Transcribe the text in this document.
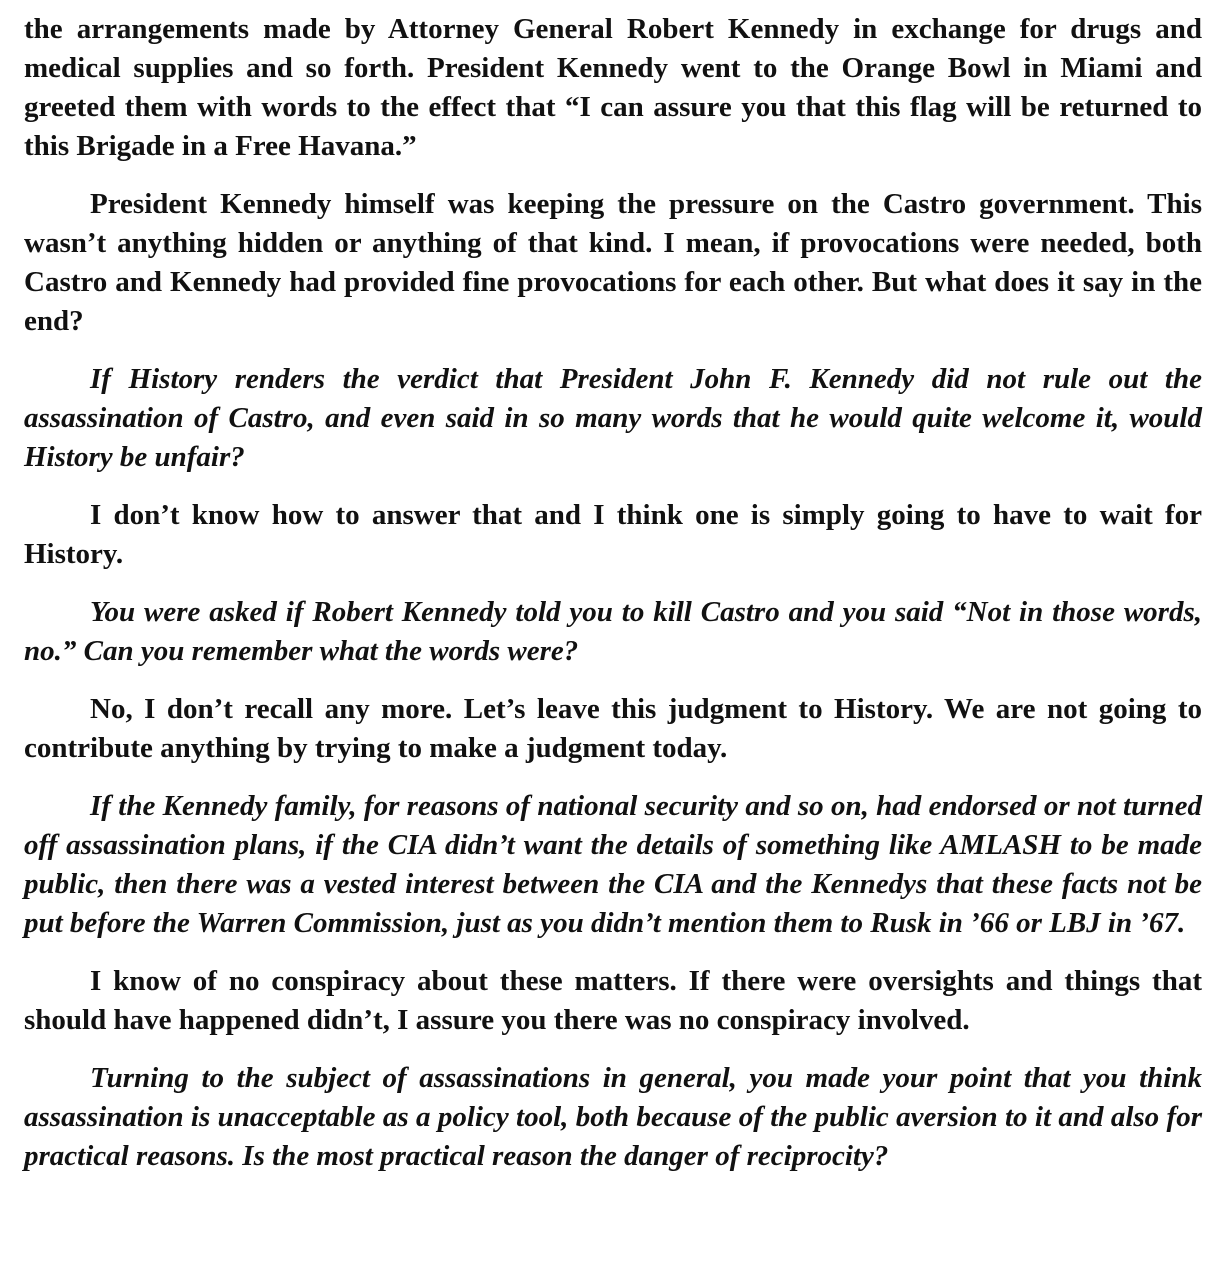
the arrangements made by Attorney General Robert Kennedy in exchange for drugs and medical supplies and so forth. President Kennedy went to the Orange Bowl in Miami and greeted them with words to the effect that “I can assure you that this flag will be returned to this Brigade in a Free Havana.”

President Kennedy himself was keeping the pressure on the Castro government. This wasn’t anything hidden or anything of that kind. I mean, if provocations were needed, both Castro and Kennedy had provided fine provocations for each other. But what does it say in the end?

If History renders the verdict that President John F. Kennedy did not rule out the assassination of Castro, and even said in so many words that he would quite welcome it, would History be unfair?

I don’t know how to answer that and I think one is simply going to have to wait for History.

You were asked if Robert Kennedy told you to kill Castro and you said “Not in those words, no.” Can you remember what the words were?

No, I don’t recall any more. Let’s leave this judgment to History. We are not going to contribute anything by trying to make a judgment today.

If the Kennedy family, for reasons of national security and so on, had endorsed or not turned off assassination plans, if the CIA didn’t want the details of something like AMLASH to be made public, then there was a vested interest between the CIA and the Kennedys that these facts not be put before the Warren Commission, just as you didn’t mention them to Rusk in ’66 or LBJ in ’67.

I know of no conspiracy about these matters. If there were oversights and things that should have happened didn’t, I assure you there was no conspiracy involved.

Turning to the subject of assassinations in general, you made your point that you think assassination is unacceptable as a policy tool, both because of the public aversion to it and also for practical reasons. Is the most practical reason the danger of reciprocity?
